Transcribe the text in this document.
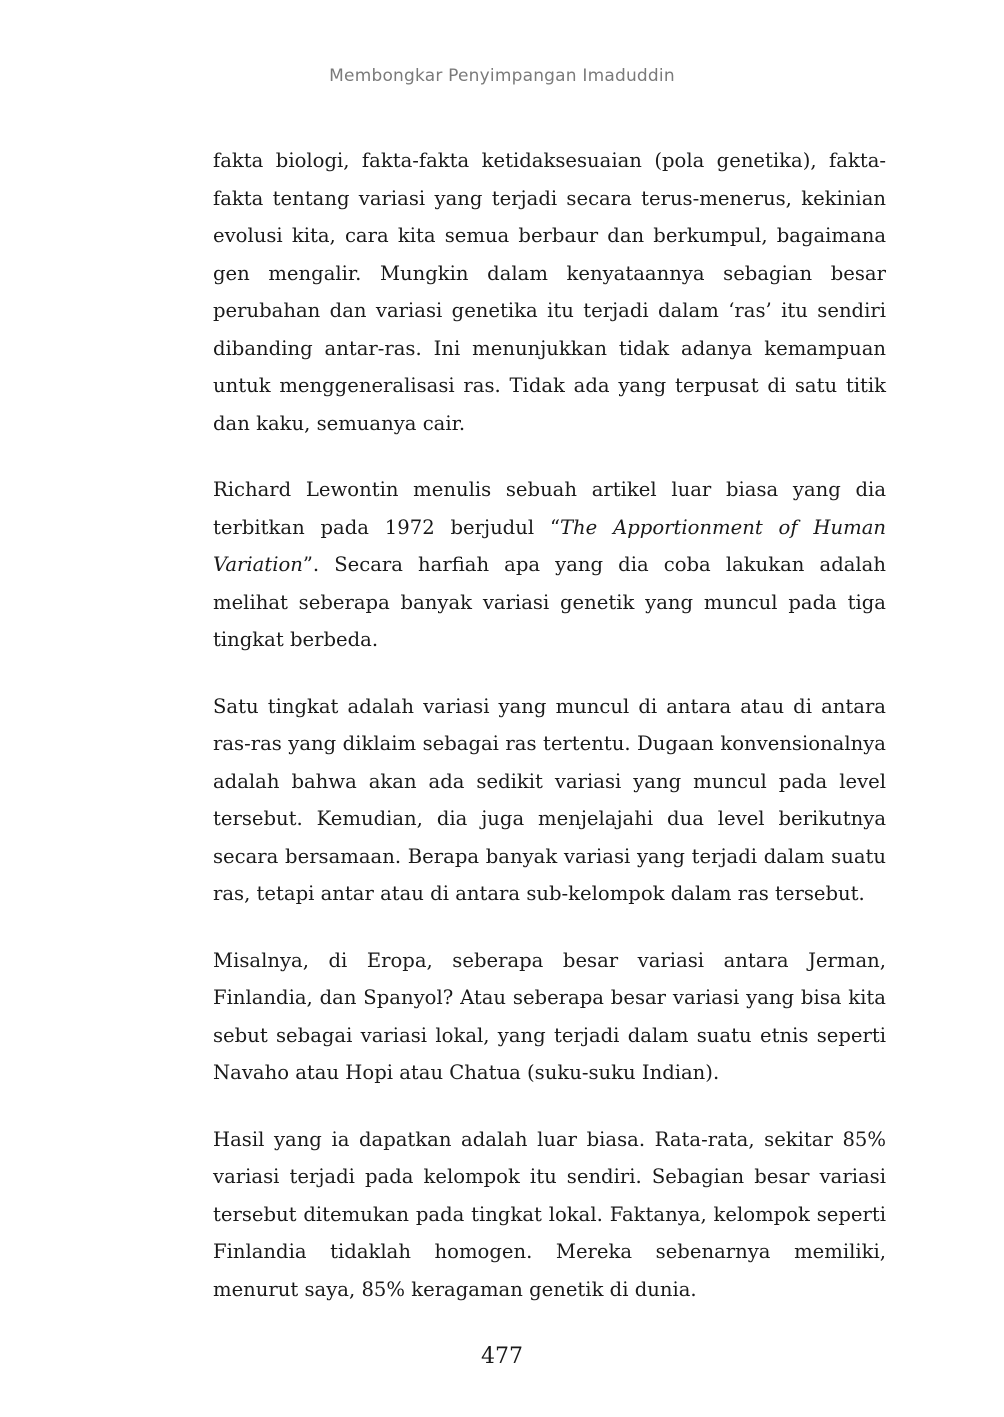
Membongkar Penyimpangan Imaduddin

fakta biologi, fakta-fakta ketidaksesuaian (pola genetika), fakta-fakta tentang variasi yang terjadi secara terus-menerus, kekinian evolusi kita, cara kita semua berbaur dan berkumpul, bagaimana gen mengalir. Mungkin dalam kenyataannya sebagian besar perubahan dan variasi genetika itu terjadi dalam ‘ras’ itu sendiri dibanding antar-ras. Ini menunjukkan tidak adanya kemampuan untuk menggeneralisasi ras. Tidak ada yang terpusat di satu titik dan kaku, semuanya cair.

Richard Lewontin menulis sebuah artikel luar biasa yang dia terbitkan pada 1972 berjudul “The Apportionment of Human Variation”. Secara harfiah apa yang dia coba lakukan adalah melihat seberapa banyak variasi genetik yang muncul pada tiga tingkat berbeda.

Satu tingkat adalah variasi yang muncul di antara atau di antara ras-ras yang diklaim sebagai ras tertentu. Dugaan konvensionalnya adalah bahwa akan ada sedikit variasi yang muncul pada level tersebut. Kemudian, dia juga menjelajahi dua level berikutnya secara bersamaan. Berapa banyak variasi yang terjadi dalam suatu ras, tetapi antar atau di antara sub-kelompok dalam ras tersebut.

Misalnya, di Eropa, seberapa besar variasi antara Jerman, Finlandia, dan Spanyol? Atau seberapa besar variasi yang bisa kita sebut sebagai variasi lokal, yang terjadi dalam suatu etnis seperti Navaho atau Hopi atau Chatua (suku-suku Indian).

Hasil yang ia dapatkan adalah luar biasa. Rata-rata, sekitar 85% variasi terjadi pada kelompok itu sendiri. Sebagian besar variasi tersebut ditemukan pada tingkat lokal. Faktanya, kelompok seperti Finlandia tidaklah homogen. Mereka sebenarnya memiliki, menurut saya, 85% keragaman genetik di dunia.

477
